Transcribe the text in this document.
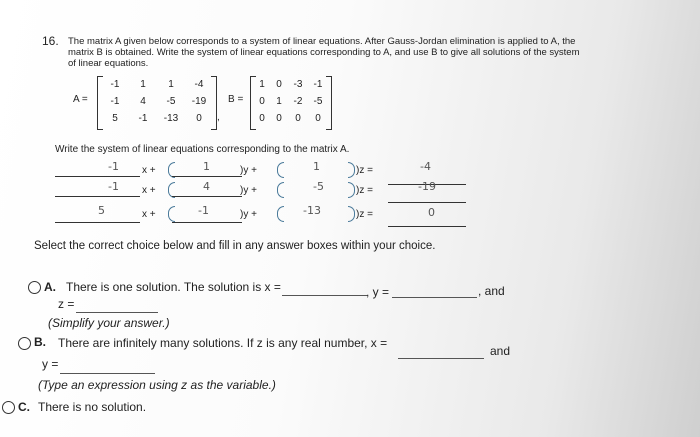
16. The matrix A given below corresponds to a system of linear equations. After Gauss-Jordan elimination is applied to A, the
matrix B is obtained. Write the system of linear equations corresponding to A, and use B to give all solutions of the system
of linear equations.
A =
-1	1	1	-4
-1	4	-5	-19
5	-1	-13	0	,
B =
1	0	-3	-1
0	1	-2	-5
0	0	0	0
Write the system of linear equations corresponding to the matrix A.
-1 x +	1	)y +	1	)z =	-4
-1 x +	4	)y +	-5	)z =	-19
5	x +	-1	)y +	-13	)z =	0
Select the correct choice below and fill in any answer boxes within your choice.
A. There is one solution. The solution is x =	, y =	, and
z =
(Simplify your answer.)
B. There are infinitely many solutions. If z is any real number, x =
and
y =
(Type an expression using z as the variable.)
C. There is no solution.
